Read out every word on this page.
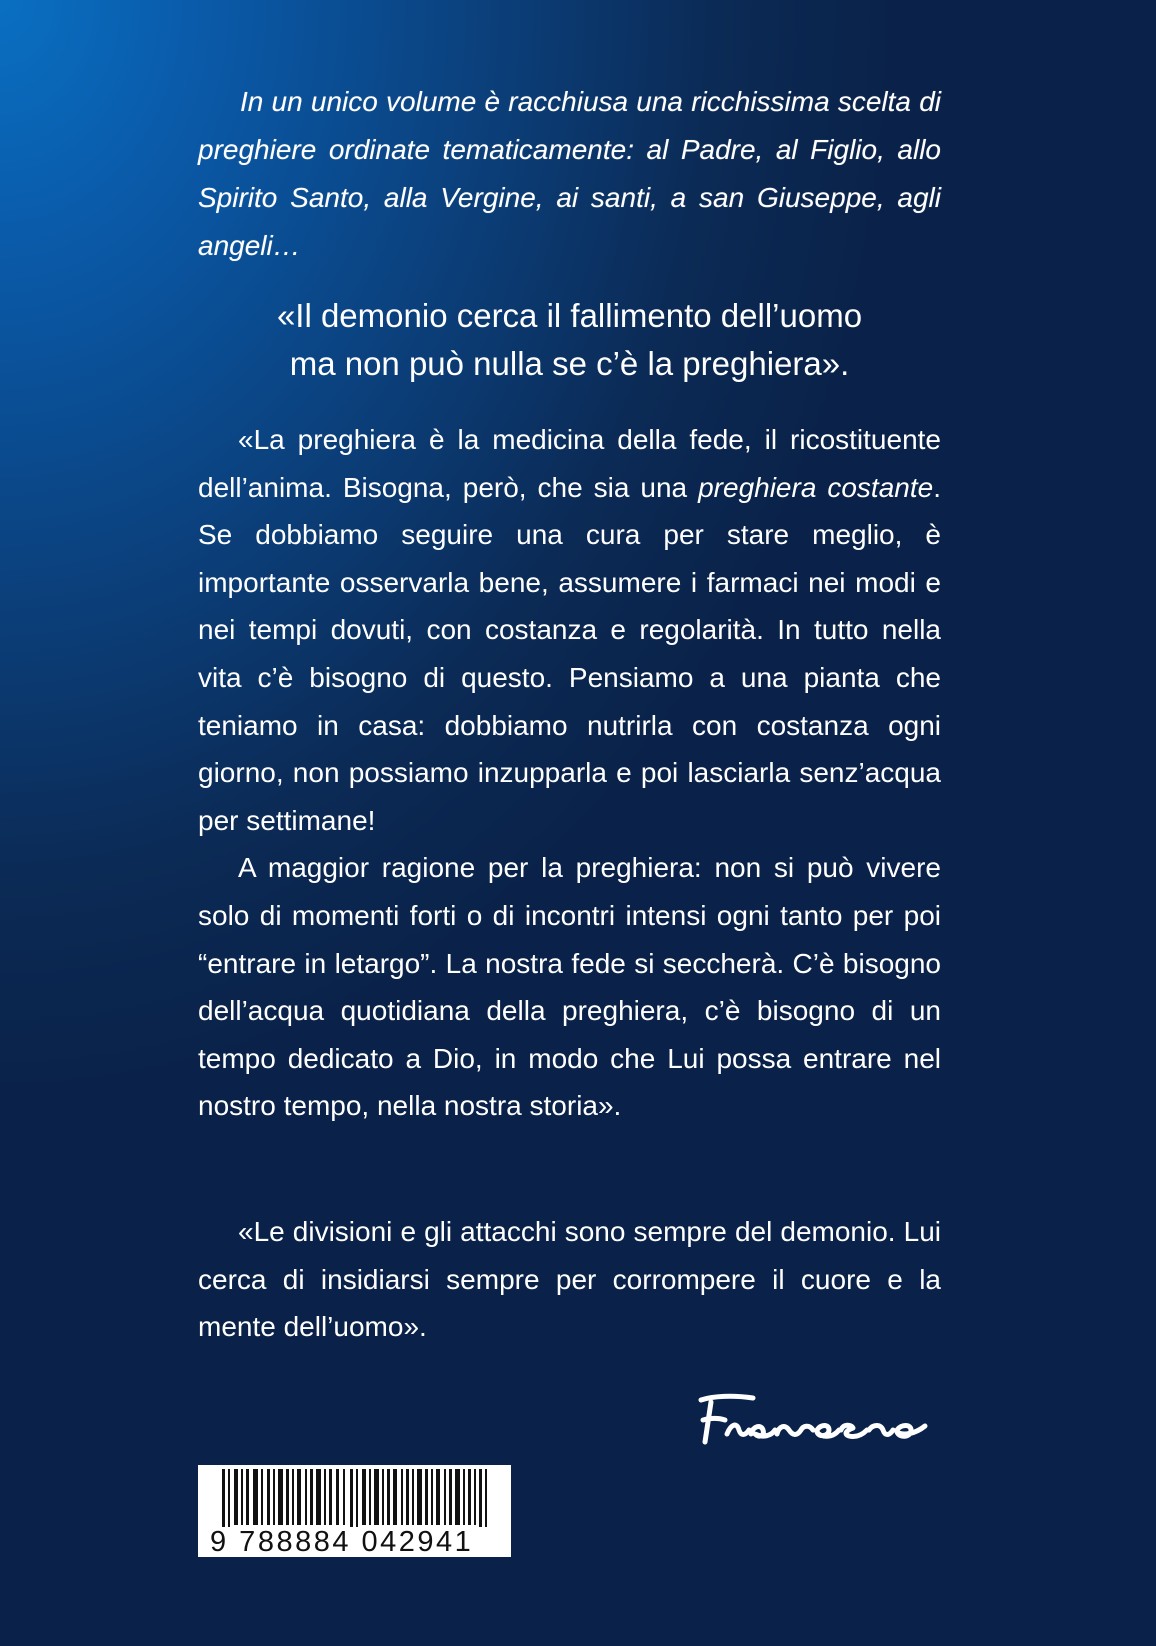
In un unico volume è racchiusa una ricchissima scelta di preghiere ordinate tematicamente: al Padre, al Figlio, allo Spirito Santo, alla Vergine, ai santi, a san Giuseppe, agli angeli…

«Il demonio cerca il fallimento dell’uomo
ma non può nulla se c’è la preghiera».

«La preghiera è la medicina della fede, il ricostituente dell’anima. Bisogna, però, che sia una preghiera costante. Se dobbiamo seguire una cura per stare meglio, è importante osservarla bene, assumere i farmaci nei modi e nei tempi dovuti, con costanza e regolarità. In tutto nella vita c’è bisogno di questo. Pensiamo a una pianta che teniamo in casa: dobbiamo nutrirla con costanza ogni giorno, non possiamo inzupparla e poi lasciarla senz’acqua per settimane!

A maggior ragione per la preghiera: non si può vivere solo di momenti forti o di incontri intensi ogni tanto per poi “entrare in letargo”. La nostra fede si seccherà. C’è bisogno dell’acqua quotidiana della preghiera, c’è bisogno di un tempo dedicato a Dio, in modo che Lui possa entrare nel nostro tempo, nella nostra storia».

«Le divisioni e gli attacchi sono sempre del demonio. Lui cerca di insidiarsi sempre per corrompere il cuore e la mente dell’uomo».

9 788884 042941
